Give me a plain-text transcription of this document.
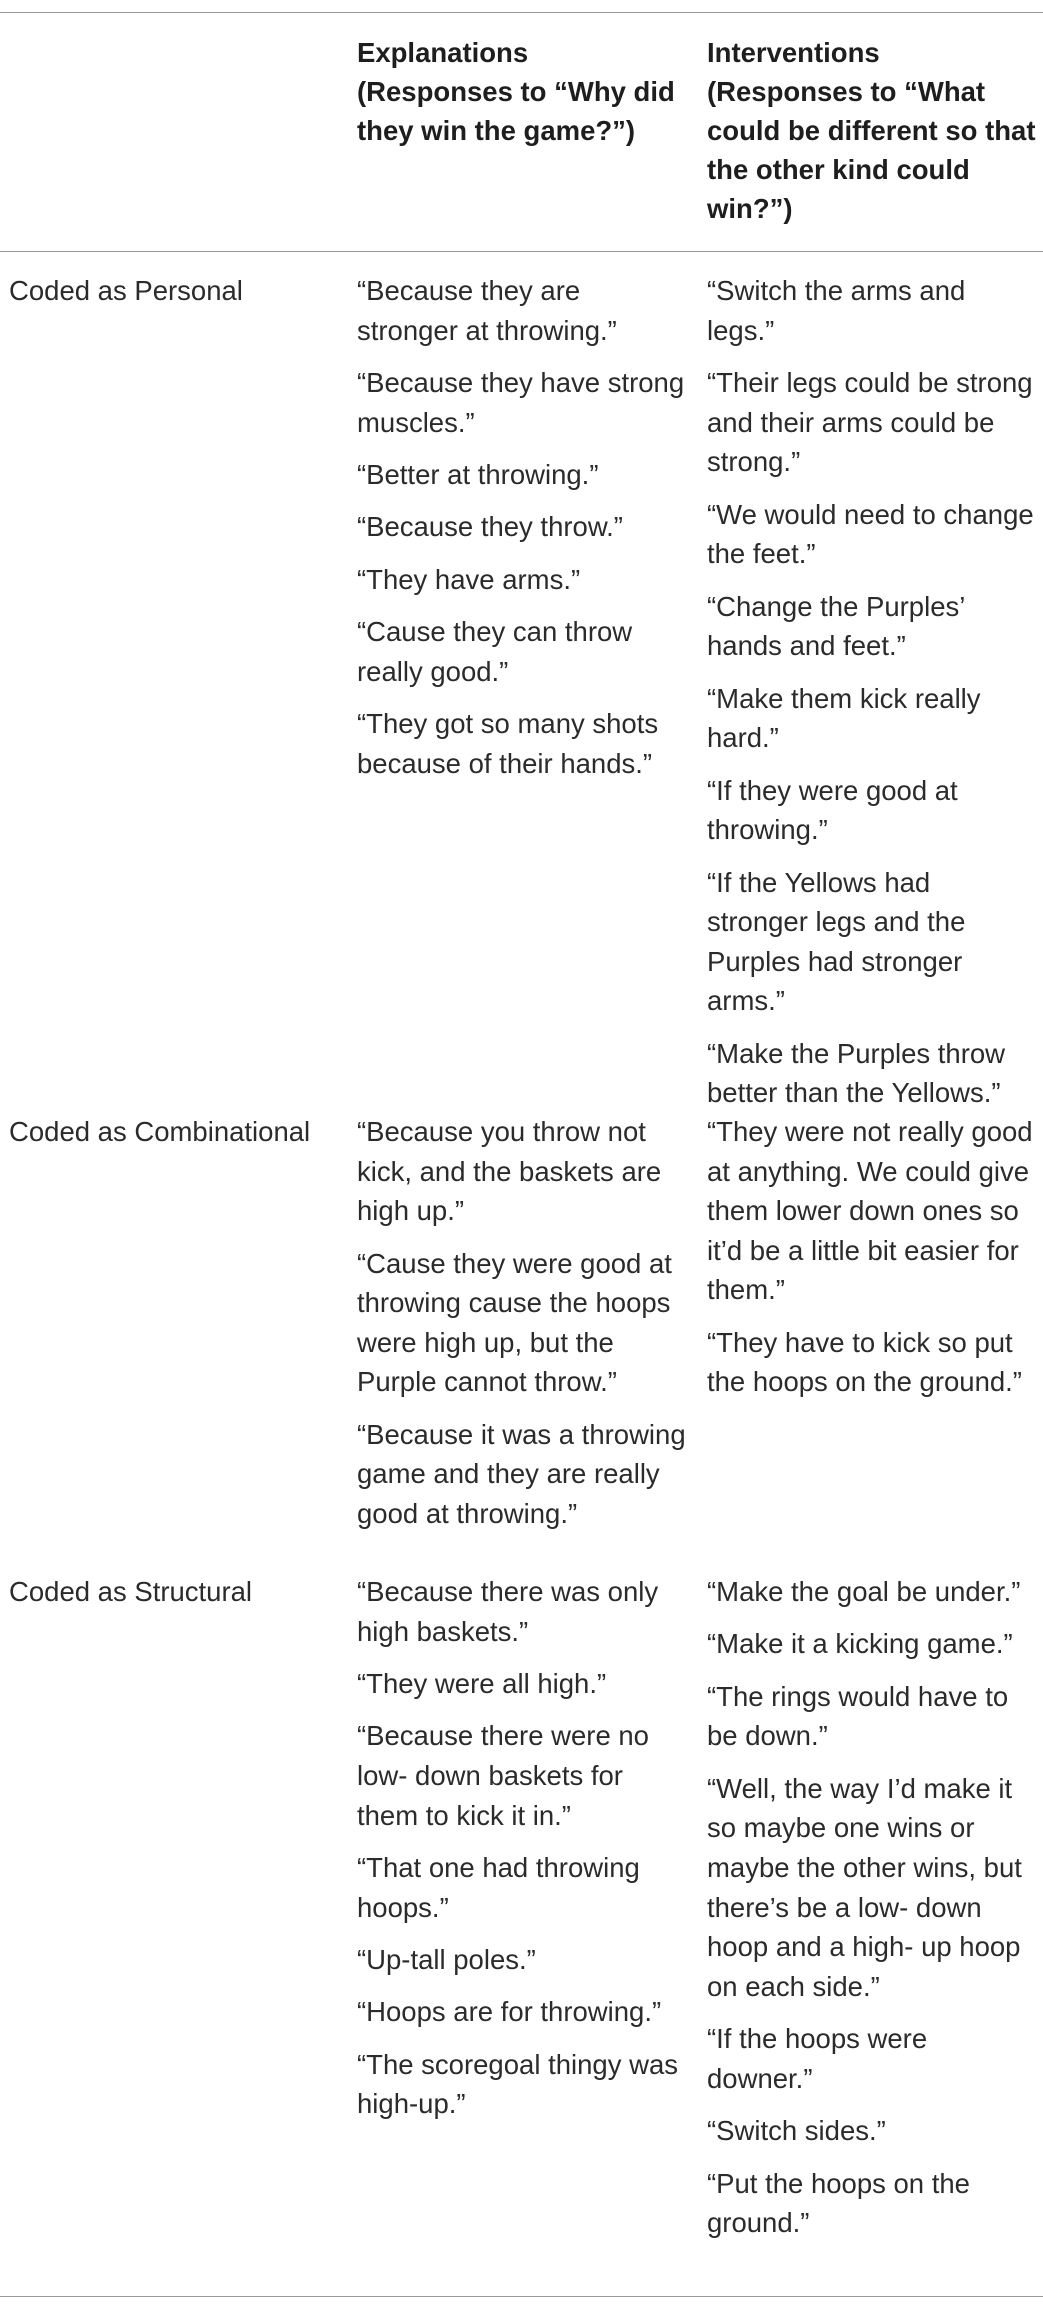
Explanations (Responses to “Why did they win the game?”)

Interventions (Responses to “What could be different so that the other kind could win?”)

Coded as Personal	“Because they are stronger at throwing.”

“Because they have strong muscles.”

“Better at throwing.”

“Because they throw.”

“They have arms.”

“Cause they can throw really good.”

“They got so many shots because of their hands.”

“Switch the arms and legs.”

“Their legs could be strong and their arms could be strong.”

“We would need to change the feet.”

“Change the Purples’ hands and feet.”

“Make them kick really hard.”

“If they were good at throwing.”

“If the Yellows had stronger legs and the Purples had stronger arms.”

“Make the Purples throw better than the Yellows.”

Coded as Combinational “Because you throw not kick, and the baskets are high up.”

“Cause they were good at throwing cause the hoops were high up, but the Purple cannot throw.”

“Because it was a throwing game and they are really good at throwing.”

“They were not really good at anything. We could give them lower down ones so it’d be a little bit easier for them.”

“They have to kick so put the hoops on the ground.”

Coded as Structural	“Because there was only high baskets.”

“They were all high.”

“Because there were no low- down baskets for them to kick it in.”

“That one had throwing hoops.”

“Up-tall poles.”

“Hoops are for throwing.”

“The scoregoal thingy was high-up.”

“Make the goal be under.”

“Make it a kicking game.”

“The rings would have to be down.”

“Well, the way I’d make it so maybe one wins or maybe the other wins, but there’s be a low- down hoop and a high- up hoop on each side.”

“If the hoops were downer.”

“Switch sides.”

“Put the hoops on the ground.”
